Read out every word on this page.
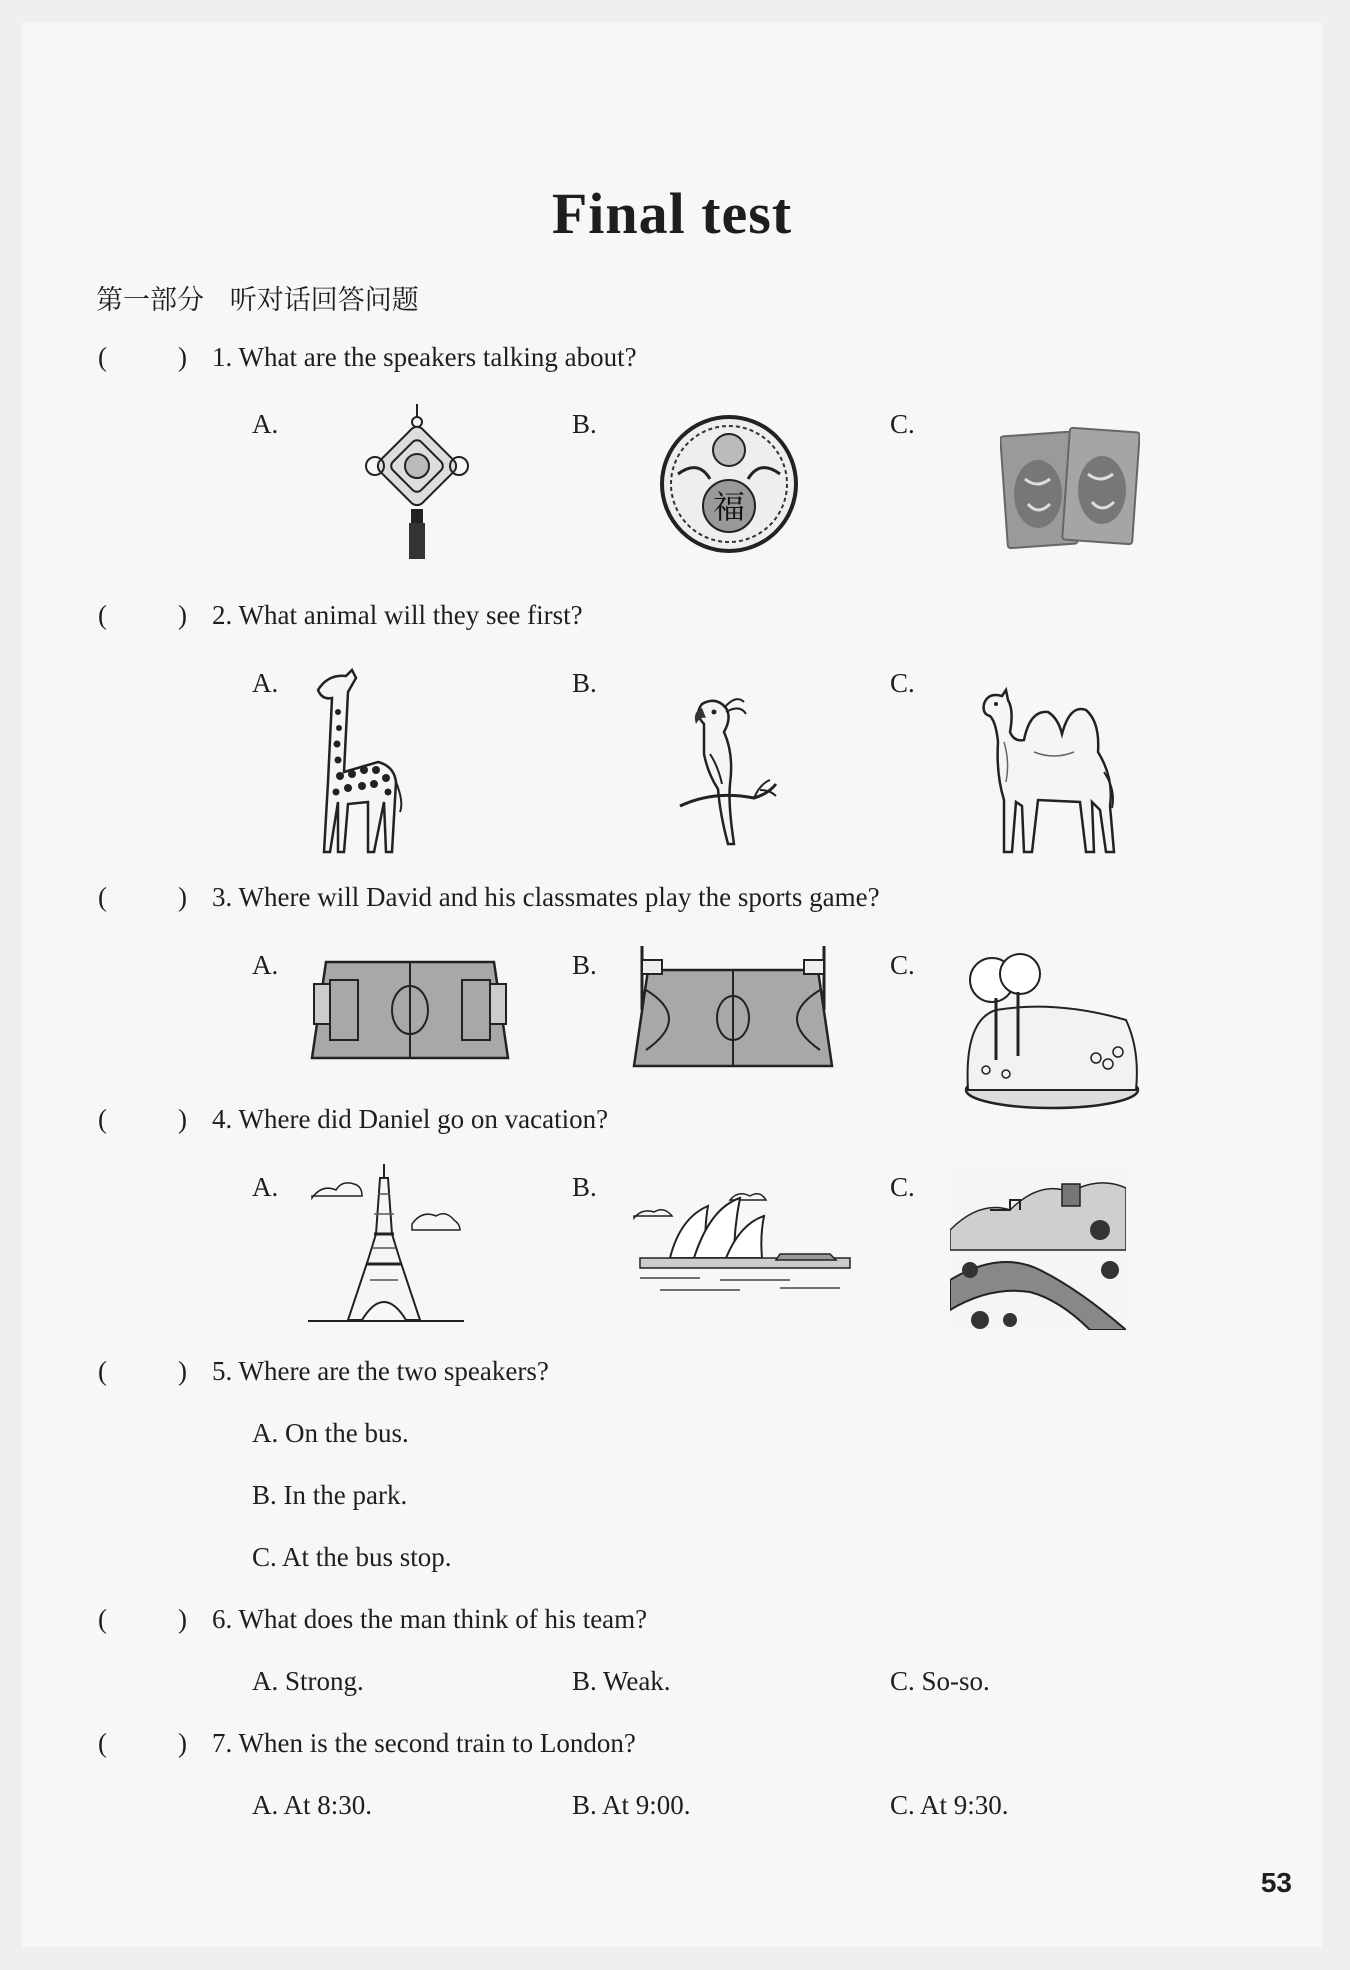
Final test
第一部分   听对话回答问题
(	) 1. What are the speakers talking about?
A.	B.	C.
福
(	) 2. What animal will they see first?
A.	B.	C.
(	) 3. Where will David and his classmates play the sports game?
A.	B.	C.
(	) 4. Where did Daniel go on vacation?
A.	B.	C.
(	) 5. Where are the two speakers?
A. On the bus.
B. In the park.
C. At the bus stop.
(	) 6. What does the man think of his team?
A. Strong.	B. Weak.	C. So-so.
(	) 7. When is the second train to London?
A. At 8:30.	B. At 9:00.	C. At 9:30.
53
